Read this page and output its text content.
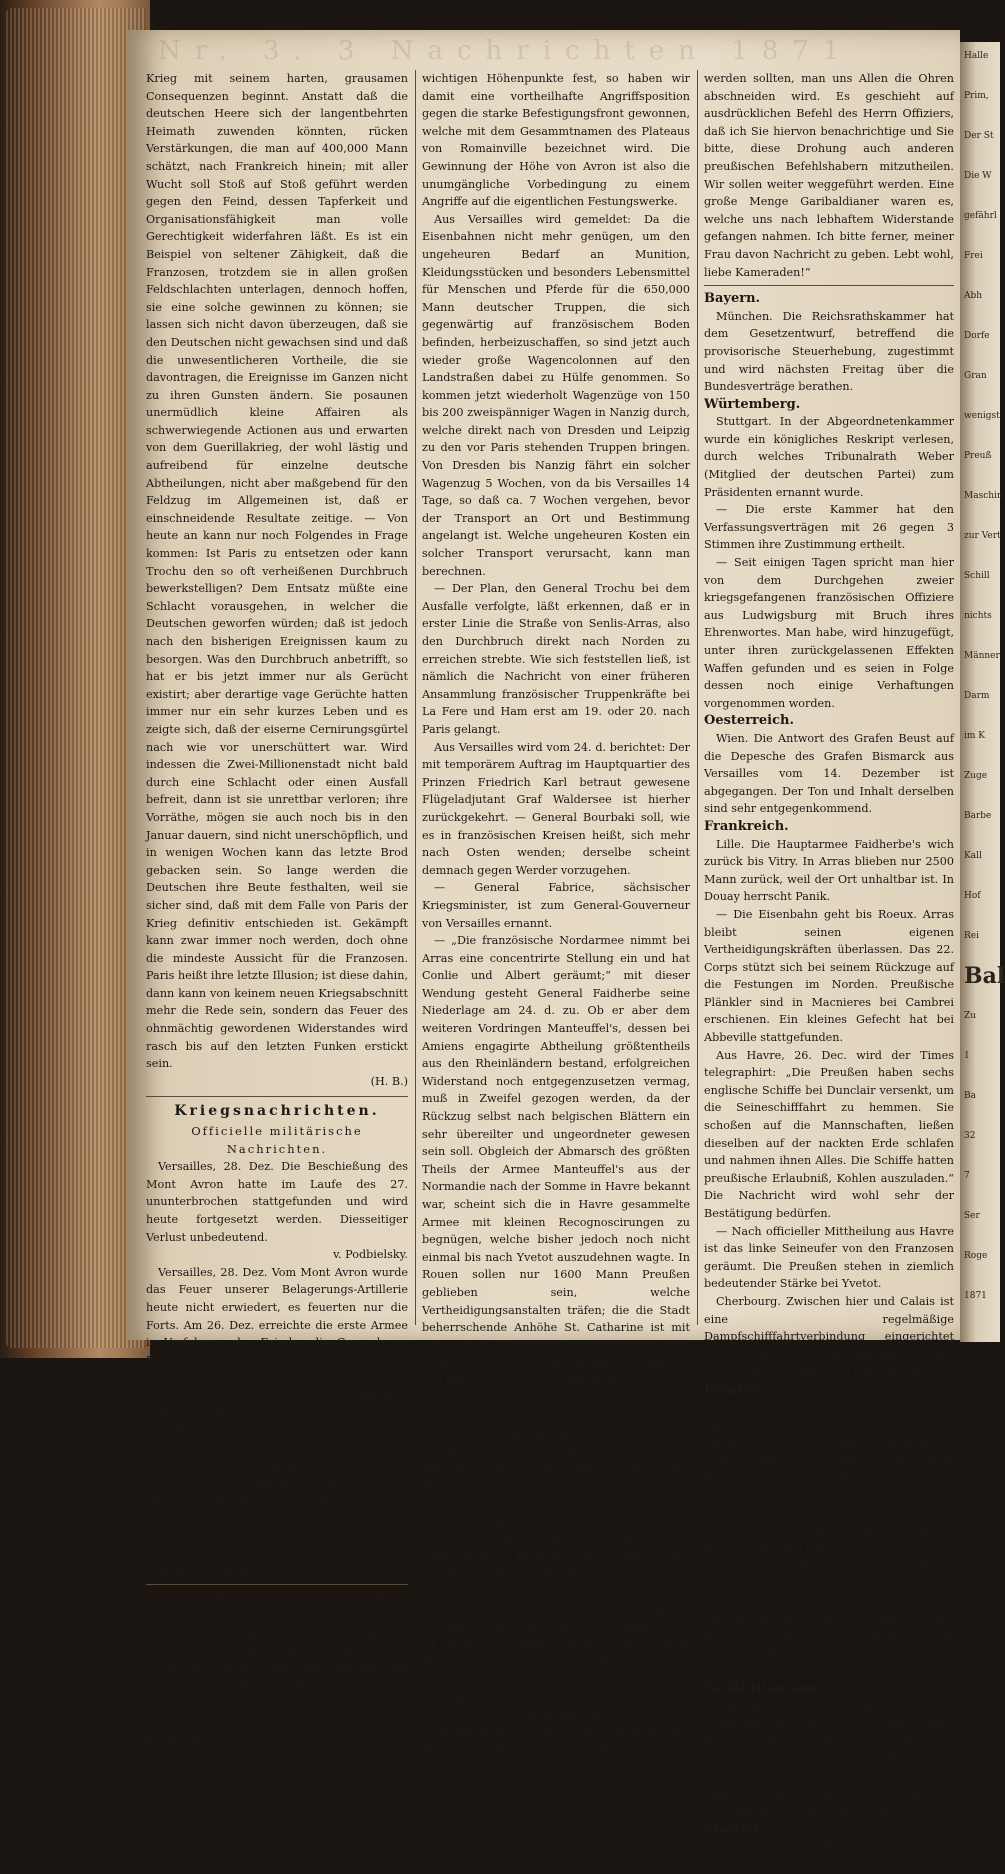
Nr. 3. 3 Nachrichten 1871

Krieg mit seinem harten, grausamen Consequenzen beginnt. Anstatt daß die deutschen Heere sich der langentbehrten Heimath zuwenden könnten, rücken Verstärkungen, die man auf 400,000 Mann schätzt, nach Frankreich hinein; mit aller Wucht soll Stoß auf Stoß geführt werden gegen den Feind, dessen Tapferkeit und Organisationsfähigkeit man volle Gerechtigkeit widerfahren läßt. Es ist ein Beispiel von seltener Zähigkeit, daß die Franzosen, trotzdem sie in allen großen Feldschlachten unterlagen, dennoch hoffen, sie eine solche gewinnen zu können; sie lassen sich nicht davon überzeugen, daß sie den Deutschen nicht gewachsen sind und daß die unwesentlicheren Vortheile, die sie davontragen, die Ereignisse im Ganzen nicht zu ihren Gunsten ändern. Sie posaunen unermüdlich kleine Affairen als schwerwiegende Actionen aus und erwarten von dem Guerillakrieg, der wohl lästig und aufreibend für einzelne deutsche Abtheilungen, nicht aber maßgebend für den Feldzug im Allgemeinen ist, daß er einschneidende Resultate zeitige. — Von heute an kann nur noch Folgendes in Frage kommen: Ist Paris zu entsetzen oder kann Trochu den so oft verheißenen Durchbruch bewerkstelligen? Dem Entsatz müßte eine Schlacht vorausgehen, in welcher die Deutschen geworfen würden; daß ist jedoch nach den bisherigen Ereignissen kaum zu besorgen. Was den Durchbruch anbetrifft, so hat er bis jetzt immer nur als Gerücht existirt; aber derartige vage Gerüchte hatten immer nur ein sehr kurzes Leben und es zeigte sich, daß der eiserne Cernirungsgürtel nach wie vor unerschüttert war. Wird indessen die Zwei-Millionenstadt nicht bald durch eine Schlacht oder einen Ausfall befreit, dann ist sie unrettbar verloren; ihre Vorräthe, mögen sie auch noch bis in den Januar dauern, sind nicht unerschöpflich, und in wenigen Wochen kann das letzte Brod gebacken sein. So lange werden die Deutschen ihre Beute festhalten, weil sie sicher sind, daß mit dem Falle von Paris der Krieg definitiv entschieden ist. Gekämpft kann zwar immer noch werden, doch ohne die mindeste Aussicht für die Franzosen. Paris heißt ihre letzte Illusion; ist diese dahin, dann kann von keinem neuen Kriegsabschnitt mehr die Rede sein, sondern das Feuer des ohnmächtig gewordenen Widerstandes wird rasch bis auf den letzten Funken erstickt sein.

(H. B.)
Kriegsnachrichten.
Officielle militärische Nachrichten.

Versailles, 28. Dez. Die Beschießung des Mont Avron hatte im Laufe des 27. ununterbrochen stattgefunden und wird heute fortgesetzt werden. Diesseitiger Verlust unbedeutend.

v. Podbielsky.

Versailles, 28. Dez. Vom Mont Avron wurde das Feuer unserer Belagerungs-Artillerie heute nicht erwiedert, es feuerten nur die Forts. Am 26. Dez. erreichte die erste Armee in Verfolgung des Feindes die Gegend von Bapaume. Die Zahl der Gefangenen hat sich noch vermehrt.

v. Podbielsky.

Dresden. Der König von Sachsen hat von dem Höchstcommandirenden des 12. (königl. sächsischen) Armeecorps, Prinzen Georg, die nachstehende telegraphische Meldung erhalten: „Le Vert-galant, 28. Dez., 9 Uhr 40 Min. Vorm. Die Beschießung des Avron wird heute fortgesetzt. Gestern andauerndes Schneegestöber. Verlust 23 Mann, worunter 6 Sachsen, Verwundete. Der commandirende General. Georg, H. z. S.“

— Ueber die Beschießung des Mont Avron sagt die „Kreuzzeitung“: Die Vertreibung des Feindes vom Mont Avron ist der nächste Zweck dieses Vorgehens. Gelingt sie, so haben wir unserer Einschließungslinie im Osten eine größere Sicherheit gewonnen. Setzen wir uns selbst, trotz des dann in volle Wirksamkeit tretenden Feuers der dahinter gelegenen Forts, auf dem

wichtigen Höhenpunkte fest, so haben wir damit eine vortheilhafte Angriffsposition gegen die starke Befestigungsfront gewonnen, welche mit dem Gesammtnamen des Plateaus von Romainville bezeichnet wird. Die Gewinnung der Höhe von Avron ist also die unumgängliche Vorbedingung zu einem Angriffe auf die eigentlichen Festungswerke.

Aus Versailles wird gemeldet: Da die Eisenbahnen nicht mehr genügen, um den ungeheuren Bedarf an Munition, Kleidungsstücken und besonders Lebensmittel für Menschen und Pferde für die 650,000 Mann deutscher Truppen, die sich gegenwärtig auf französischem Boden befinden, herbeizuschaffen, so sind jetzt auch wieder große Wagencolonnen auf den Landstraßen dabei zu Hülfe genommen. So kommen jetzt wiederholt Wagenzüge von 150 bis 200 zweispänniger Wagen in Nanzig durch, welche direkt nach von Dresden und Leipzig zu den vor Paris stehenden Truppen bringen. Von Dresden bis Nanzig fährt ein solcher Wagenzug 5 Wochen, von da bis Versailles 14 Tage, so daß ca. 7 Wochen vergehen, bevor der Transport an Ort und Bestimmung angelangt ist. Welche ungeheuren Kosten ein solcher Transport verursacht, kann man berechnen.

— Der Plan, den General Trochu bei dem Ausfalle verfolgte, läßt erkennen, daß er in erster Linie die Straße von Senlis-Arras, also den Durchbruch direkt nach Norden zu erreichen strebte. Wie sich feststellen ließ, ist nämlich die Nachricht von einer früheren Ansammlung französischer Truppenkräfte bei La Fere und Ham erst am 19. oder 20. nach Paris gelangt.

Aus Versailles wird vom 24. d. berichtet: Der mit temporärem Auftrag im Hauptquartier des Prinzen Friedrich Karl betraut gewesene Flügeladjutant Graf Waldersee ist hierher zurückgekehrt. — General Bourbaki soll, wie es in französischen Kreisen heißt, sich mehr nach Osten wenden; derselbe scheint demnach gegen Werder vorzugehen.

— General Fabrice, sächsischer Kriegsminister, ist zum General-Gouverneur von Versailles ernannt.

— „Die französische Nordarmee nimmt bei Arras eine concentrirte Stellung ein und hat Conlie und Albert geräumt;“ mit dieser Wendung gesteht General Faidherbe seine Niederlage am 24. d. zu. Ob er aber dem weiteren Vordringen Manteuffel's, dessen bei Amiens engagirte Abtheilung größtentheils aus den Rheinländern bestand, erfolgreichen Widerstand noch entgegenzusetzen vermag, muß in Zweifel gezogen werden, da der Rückzug selbst nach belgischen Blättern ein sehr übereilter und ungeordneter gewesen sein soll. Obgleich der Abmarsch des größten Theils der Armee Manteuffel's aus der Normandie nach der Somme in Havre bekannt war, scheint sich die in Havre gesammelte Armee mit kleinen Recognoscirungen zu begnügen, welche bisher jedoch noch nicht einmal bis nach Yvetot auszudehnen wagte. In Rouen sollen nur 1600 Mann Preußen geblieben sein, welche Vertheidigungsanstalten träfen; die die Stadt beherrschende Anhöhe St. Catharine ist mit zahlreichen Kanonen besetzt, auch sind Torpidos in die Seine gelegt, um das Einlaufen von Kanonenbooten zu verhindern.

— Die 15- bis 16,000 Mann, deren Ankunft in Sedan vor einigen Tagen gemeldet wurde, scheinen für die Belagerung von Mezieres bestimmt zu sein. Dieselben sollen 80 Kanonen mit sich führen, und das Bombardement der Stadt schon begonnen haben. Am 24. d. fanden in der Umgegend von Mezieres mehrere Gefechte Statt.

— Die „Karlsr. Ztg.“ theilt als Beweis französischer Barbarei den Brief des gefangenen Feldwebels Steinmetz mit, datirt Contrexeville, 2. Dez., an Herrn Capitän Holl, Mirecourt: „Ich bin zum Gefangenen gemacht worden, ich und die beiden Unteroffiziere und 11 Mann von meinen Leuten, nach einem Kampfe in Vittel, wo wir nur einen Verwundeten hatten, Dörn von der 3. Compagnie, welcher hier unter der Sorge eines Arztes zurückgeblieben ist. Ich benachrichtige Sie, daß, wenn von Seiten der Preußen Repressalien gegen Vittel, Contrexeville oder irgend einen anderen Ort dieser Gegend vorgenommen

werden sollten, man uns Allen die Ohren abschneiden wird. Es geschieht auf ausdrücklichen Befehl des Herrn Offiziers, daß ich Sie hiervon benachrichtige und Sie bitte, diese Drohung auch anderen preußischen Befehlshabern mitzutheilen. Wir sollen weiter weggeführt werden. Eine große Menge Garibaldianer waren es, welche uns nach lebhaftem Widerstande gefangen nahmen. Ich bitte ferner, meiner Frau davon Nachricht zu geben. Lebt wohl, liebe Kameraden!“

Bayern.

München. Die Reichsrathskammer hat dem Gesetzentwurf, betreffend die provisorische Steuerhebung, zugestimmt und wird nächsten Freitag über die Bundesverträge berathen.

Würtemberg.

Stuttgart. In der Abgeordnetenkammer wurde ein königliches Reskript verlesen, durch welches Tribunalrath Weber (Mitglied der deutschen Partei) zum Präsidenten ernannt wurde.

— Die erste Kammer hat den Verfassungsverträgen mit 26 gegen 3 Stimmen ihre Zustimmung ertheilt.

— Seit einigen Tagen spricht man hier von dem Durchgehen zweier kriegsgefangenen französischen Offiziere aus Ludwigsburg mit Bruch ihres Ehrenwortes. Man habe, wird hinzugefügt, unter ihren zurückgelassenen Effekten Waffen gefunden und es seien in Folge dessen noch einige Verhaftungen vorgenommen worden.

Oesterreich.

Wien. Die Antwort des Grafen Beust auf die Depesche des Grafen Bismarck aus Versailles vom 14. Dezember ist abgegangen. Der Ton und Inhalt derselben sind sehr entgegenkommend.

Frankreich.

Lille. Die Hauptarmee Faidherbe's wich zurück bis Vitry. In Arras blieben nur 2500 Mann zurück, weil der Ort unhaltbar ist. In Douay herrscht Panik.

— Die Eisenbahn geht bis Roeux. Arras bleibt seinen eigenen Vertheidigungskräften überlassen. Das 22. Corps stützt sich bei seinem Rückzuge auf die Festungen im Norden. Preußische Plänkler sind in Macnieres bei Cambrei erschienen. Ein kleines Gefecht hat bei Abbeville stattgefunden.

Aus Havre, 26. Dec. wird der Times telegraphirt: „Die Preußen haben sechs englische Schiffe bei Dunclair versenkt, um die Seineschifffahrt zu hemmen. Sie schoßen auf die Mannschaften, ließen dieselben auf der nackten Erde schlafen und nahmen ihnen Alles. Die Schiffe hatten preußische Erlaubniß, Kohlen auszuladen.“ Die Nachricht wird wohl sehr der Bestätigung bedürfen.

— Nach officieller Mittheilung aus Havre ist das linke Seineufer von den Franzosen geräumt. Die Preußen stehen in ziemlich bedeutender Stärke bei Yvetot.

Cherbourg. Zwischen hier und Calais ist eine regelmäßige Dampfschifffahrtverbindung eingerichtet worden, um eine Verbindung zwischen der Nord- und West-Armee zu ermöglichen.

Belgien.

Brüssel. Die „Liberte“ berichtet, daß der Papst den neutralen Mächten eine Vermittlung zwischen den Kriegführenden vorgeschlagen hat zu dem Zwecke, einem Kriege, welcher die Welt in Schrecken setzt, Einhalt zu thun.

— Der „Standard“ meldet aus Paris vom 22. d.: „8000 blessirte Franzosen befinden sich hierorts. Die Kälte ist groß.“

— General Faidherbe hat Arras verlassen und sich auf Douai zurückgezogen. Man nimmt an, daß er Lille zur Operationsbasis machen will an Stelle von Vitry, welches zerstört worden ist. — In Masnieres (Dorf im Dep. Nord, Arrond. Cambria) sind preußische Eclaireurs erschienen.

Großbritannien.

London, 27. Dec. (Telegraphisch.) Die Conferenz wird Dienstag eröffnet. Jules Favre hat das Freigeleit, das England für ihn in Versailles erbat, noch nicht erhalten. Da er nicht mehr rechtzeitig eintreffen dürfte, wird ihn der englische Geschäftsträger, Herr Tissot, vertreten.

Spanien.

Madrid, 28. Dec. Heute Abend 7½ Uhr haben einige Männer in der

Halle
Prim,
Der St
Die W
gefährl
Frei
Abh
Dorfe
Gran
wenigst
Preuß
Maschin
zur Vert
Schill
nichts
Männer
Darm
im K
Zuge
Barbe
Kall
Hof
Rei
Bal
Zu
1
Ba
32
7
Ser
Roge
1871
